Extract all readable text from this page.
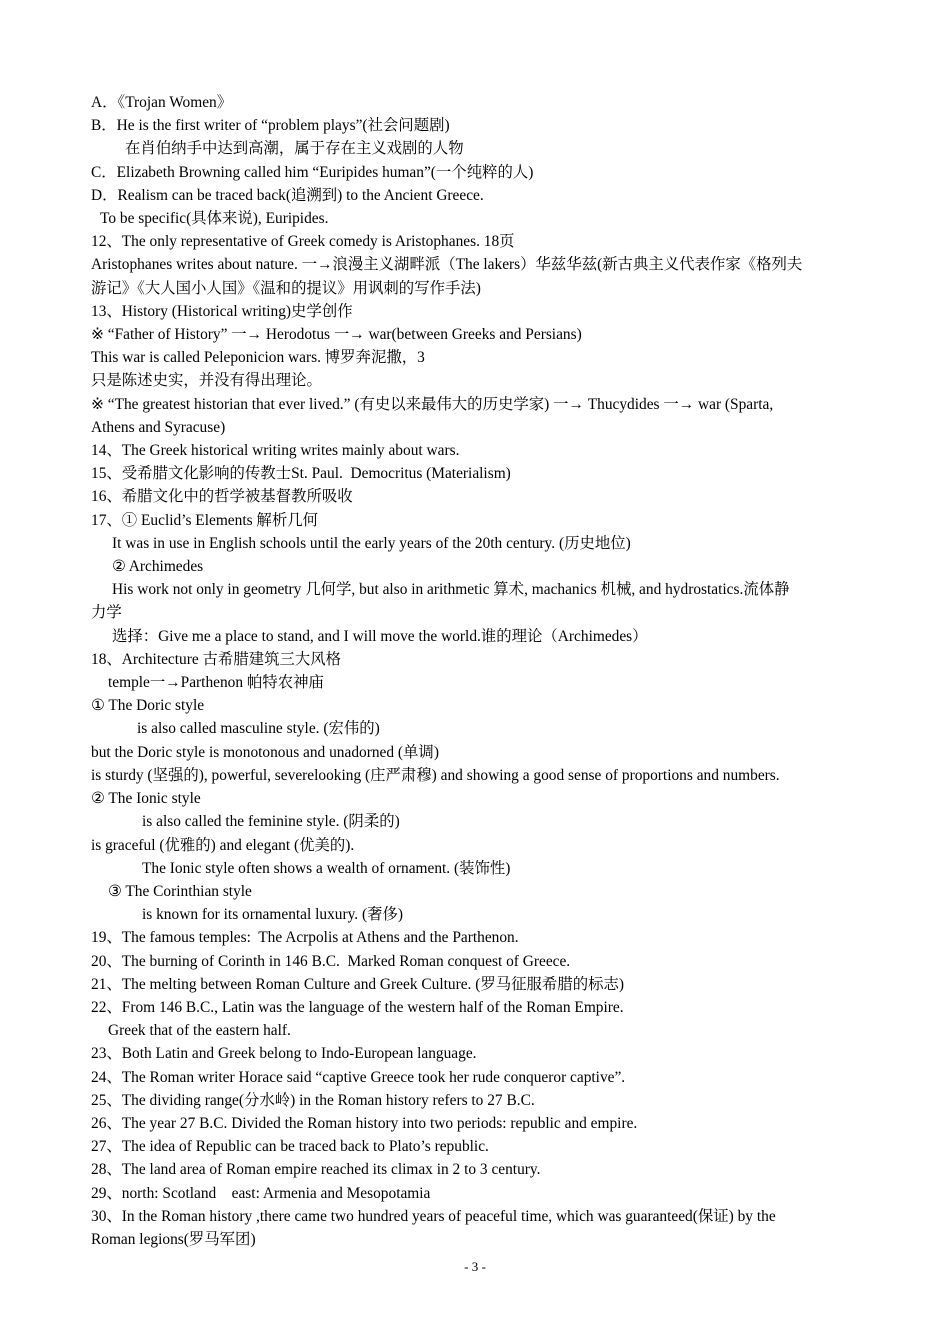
A．《Trojan Women》
B．He is the first writer of “problem plays”(社会问题剧)
在肖伯纳手中达到高潮，属于存在主义戏剧的人物
C．Elizabeth Browning called him “Euripides human”(一个纯粹的人)
D．Realism can be traced back(追溯到) to the Ancient Greece.
To be specific(具体来说), Euripides.
12、The only representative of Greek comedy is Aristophanes. 18页
Aristophanes writes about nature. 一→浪漫主义湖畔派（The lakers）华兹华兹(新古典主义代表作家《格列夫
游记》《大人国小人国》《温和的提议》用讽刺的写作手法)
13、History (Historical writing)史学创作
※ “Father of History” 一→ Herodotus 一→ war(between Greeks and Persians)
This war is called Peleponicion wars. 博罗奔泥撒，3
只是陈述史实，并没有得出理论。
※ “The greatest historian that ever lived.” (有史以来最伟大的历史学家) 一→ Thucydides 一→ war (Sparta,
Athens and Syracuse)
14、The Greek historical writing writes mainly about wars.
15、受希腊文化影响的传教士St. Paul.  Democritus (Materialism)
16、希腊文化中的哲学被基督教所吸收
17、① Euclid’s Elements 解析几何
It was in use in English schools until the early years of the 20th century. (历史地位)
② Archimedes
His work not only in geometry 几何学, but also in arithmetic 算术, machanics 机械, and hydrostatics.流体静
力学
选择：Give me a place to stand, and I will move the world.谁的理论（Archimedes）
18、Architecture 古希腊建筑三大风格
temple一→Parthenon 帕特农神庙
① The Doric style
is also called masculine style. (宏伟的)
but the Doric style is monotonous and unadorned (单调)
is sturdy (坚强的), powerful, severelooking (庄严肃穆) and showing a good sense of proportions and numbers.
② The Ionic style
is also called the feminine style. (阴柔的)
is graceful (优雅的) and elegant (优美的).
The Ionic style often shows a wealth of ornament. (装饰性)
③ The Corinthian style
is known for its ornamental luxury. (奢侈)
19、The famous temples:  The Acrpolis at Athens and the Parthenon.
20、The burning of Corinth in 146 B.C.  Marked Roman conquest of Greece.
21、The melting between Roman Culture and Greek Culture. (罗马征服希腊的标志)
22、From 146 B.C., Latin was the language of the western half of the Roman Empire.
Greek that of the eastern half.
23、Both Latin and Greek belong to Indo-European language.
24、The Roman writer Horace said “captive Greece took her rude conqueror captive”.
25、The dividing range(分水岭) in the Roman history refers to 27 B.C.
26、The year 27 B.C. Divided the Roman history into two periods: republic and empire.
27、The idea of Republic can be traced back to Plato’s republic.
28、The land area of Roman empire reached its climax in 2 to 3 century.
29、north: Scotland    east: Armenia and Mesopotamia
30、In the Roman history ,there came two hundred years of peaceful time, which was guaranteed(保证) by the
Roman legions(罗马军团)
- 3 -
